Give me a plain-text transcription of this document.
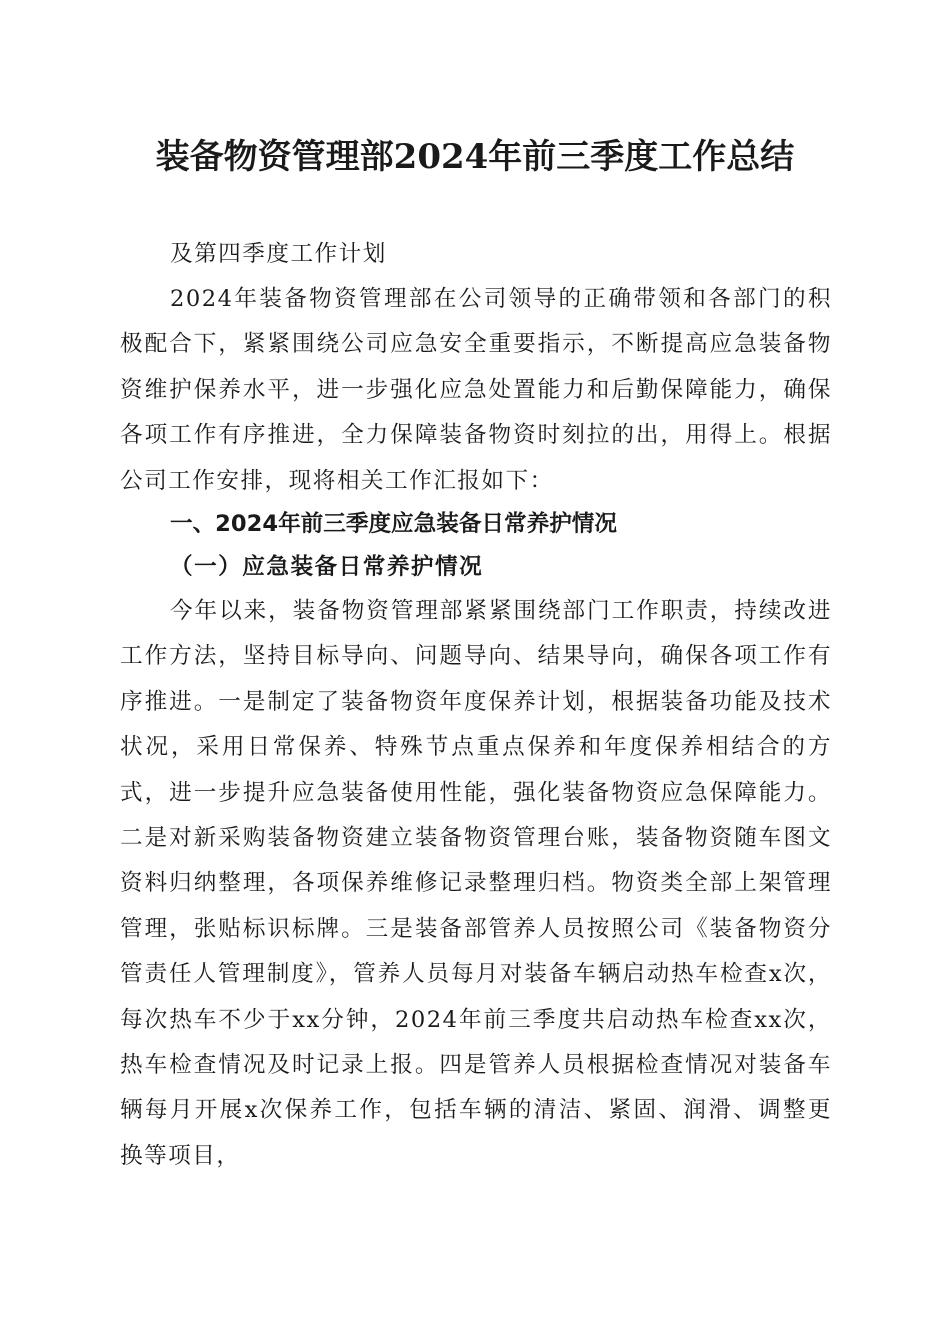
装备物资管理部2024年前三季度工作总结

及第四季度工作计划

2024年装备物资管理部在公司领导的正确带领和各部门的积极配合下，紧紧围绕公司应急安全重要指示，不断提高应急装备物资维护保养水平，进一步强化应急处置能力和后勤保障能力，确保各项工作有序推进，全力保障装备物资时刻拉的出，用得上。根据公司工作安排，现将相关工作汇报如下：

一、2024年前三季度应急装备日常养护情况
（一）应急装备日常养护情况

今年以来，装备物资管理部紧紧围绕部门工作职责，持续改进工作方法，坚持目标导向、问题导向、结果导向，确保各项工作有序推进。一是制定了装备物资年度保养计划，根据装备功能及技术状况，采用日常保养、特殊节点重点保养和年度保养相结合的方式，进一步提升应急装备使用性能，强化装备物资应急保障能力。二是对新采购装备物资建立装备物资管理台账，装备物资随车图文资料归纳整理，各项保养维修记录整理归档。物资类全部上架管理管理，张贴标识标牌。三是装备部管养人员按照公司《装备物资分管责任人管理制度》，管养人员每月对装备车辆启动热车检查x次，每次热车不少于xx分钟，2024年前三季度共启动热车检查xx次，热车检查情况及时记录上报。四是管养人员根据检查情况对装备车辆每月开展x次保养工作，包括车辆的清洁、紧固、润滑、调整更换等项目，
